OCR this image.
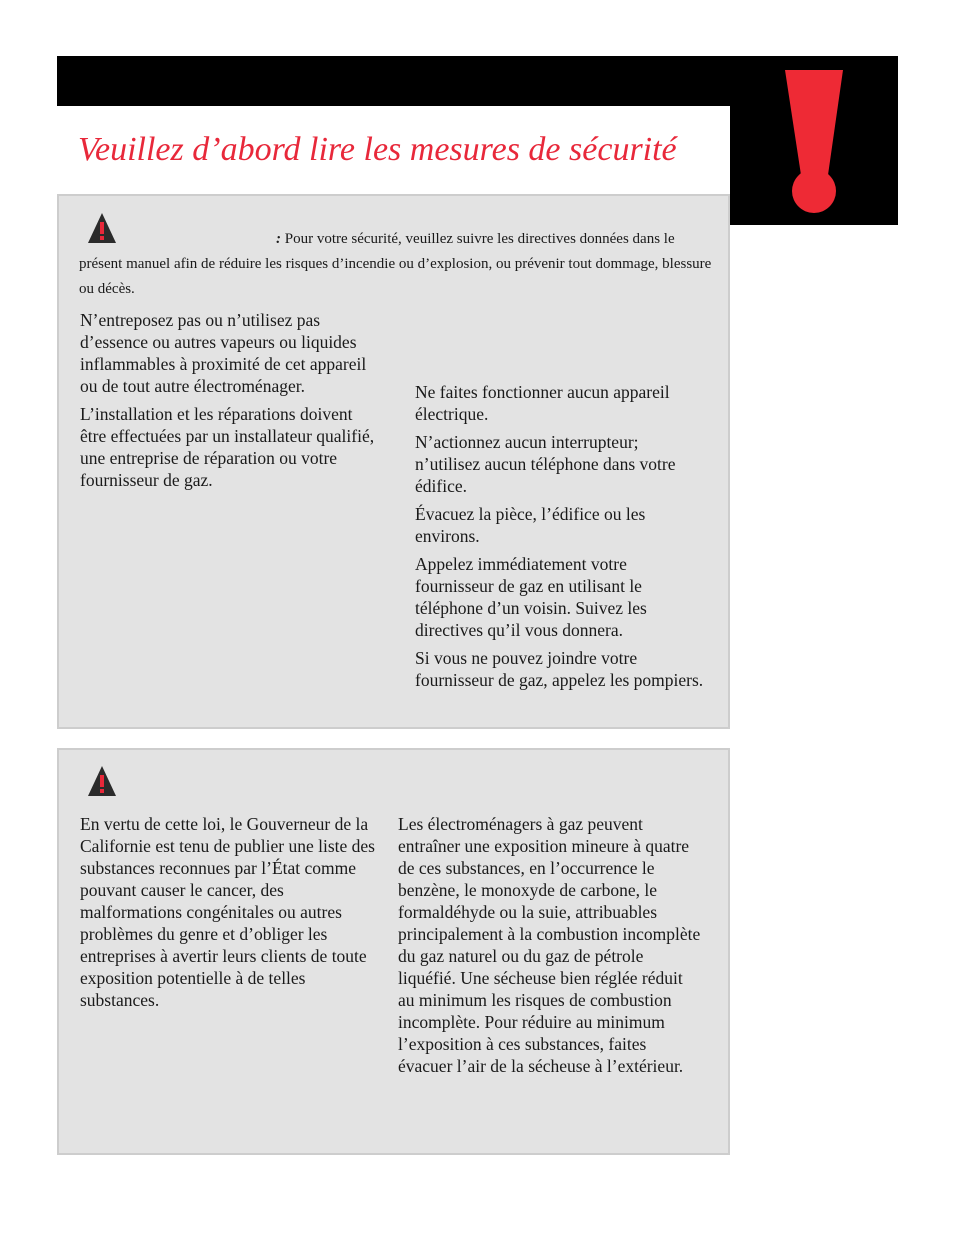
Veuillez d’abord lire les mesures de sécurité

: Pour votre sécurité, veuillez suivre les directives données dans le présent manuel afin de réduire les risques d’incendie ou d’explosion, ou prévenir tout dommage, blessure ou décès.

N’entreposez pas ou n’utilisez pas d’essence ou autres vapeurs ou liquides inflammables à proximité de cet appareil ou de tout autre électroménager.

L’installation et les réparations doivent être effectuées par un installateur qualifié, une entreprise de réparation ou votre fournisseur de gaz.

Ne faites fonctionner aucun appareil électrique.

N’actionnez aucun interrupteur; n’utilisez aucun téléphone dans votre édifice.

Évacuez la pièce, l’édifice ou les environs.

Appelez immédiatement votre fournisseur de gaz en utilisant le téléphone d’un voisin. Suivez les directives qu’il vous donnera.

Si vous ne pouvez joindre votre fournisseur de gaz, appelez les pompiers.

En vertu de cette loi, le Gouverneur de la Californie est tenu de publier une liste des substances reconnues par l’État comme pouvant causer le cancer, des malformations congénitales ou autres problèmes du genre et d’obliger les entreprises à avertir leurs clients de toute exposition potentielle à de telles substances.

Les électroménagers à gaz peuvent entraîner une exposition mineure à quatre de ces substances, en l’occurrence le benzène, le monoxyde de carbone, le formaldéhyde ou la suie, attribuables principalement à la combustion incomplète du gaz naturel ou du gaz de pétrole liquéfié. Une sécheuse bien réglée réduit au minimum les risques de combustion incomplète. Pour réduire au minimum l’exposition à ces substances, faites évacuer l’air de la sécheuse à l’extérieur.
